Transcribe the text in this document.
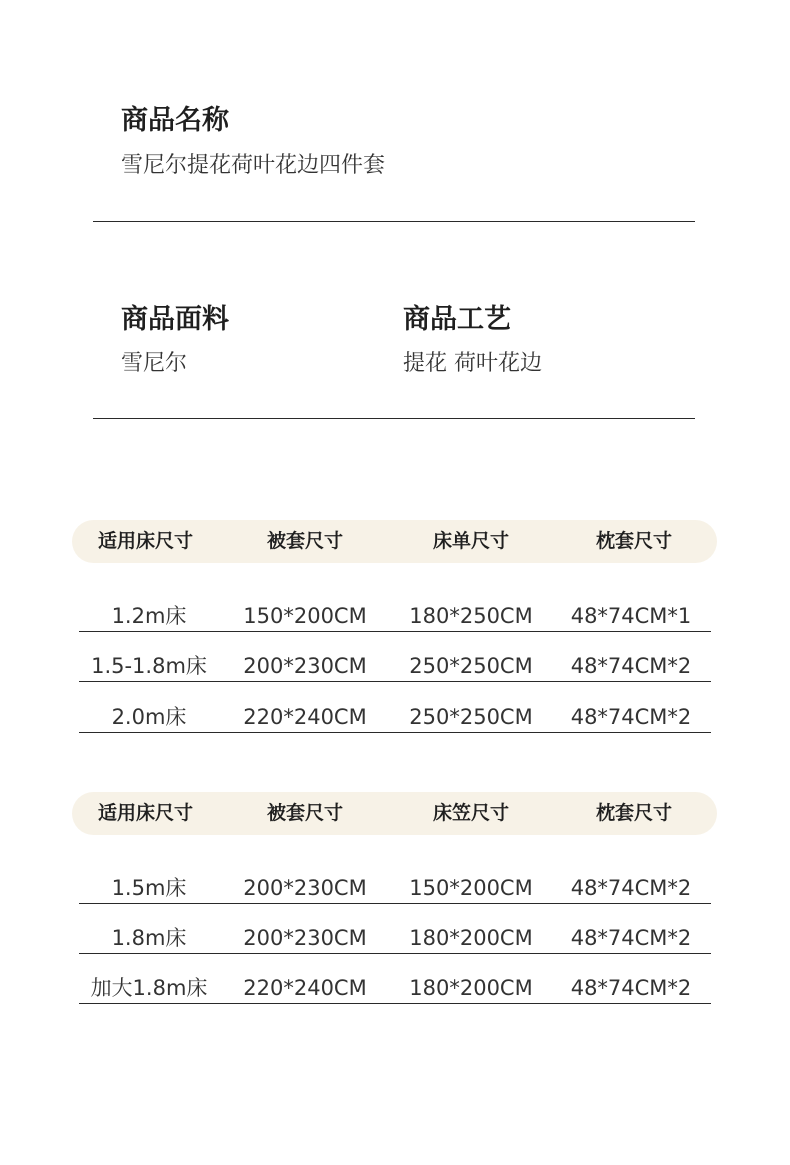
商品名称
雪尼尔提花荷叶花边四件套
商品面料
雪尼尔
商品工艺
提花 荷叶花边
适用床尺寸	被套尺寸	床单尺寸	枕套尺寸
1.2m床	150*200CM	180*250CM	48*74CM*1
1.5-1.8m床	200*230CM	250*250CM	48*74CM*2
2.0m床	220*240CM	250*250CM	48*74CM*2
适用床尺寸	被套尺寸	床笠尺寸	枕套尺寸
1.5m床	200*230CM	150*200CM	48*74CM*2
1.8m床	200*230CM	180*200CM	48*74CM*2
加大1.8m床	220*240CM	180*200CM	48*74CM*2
